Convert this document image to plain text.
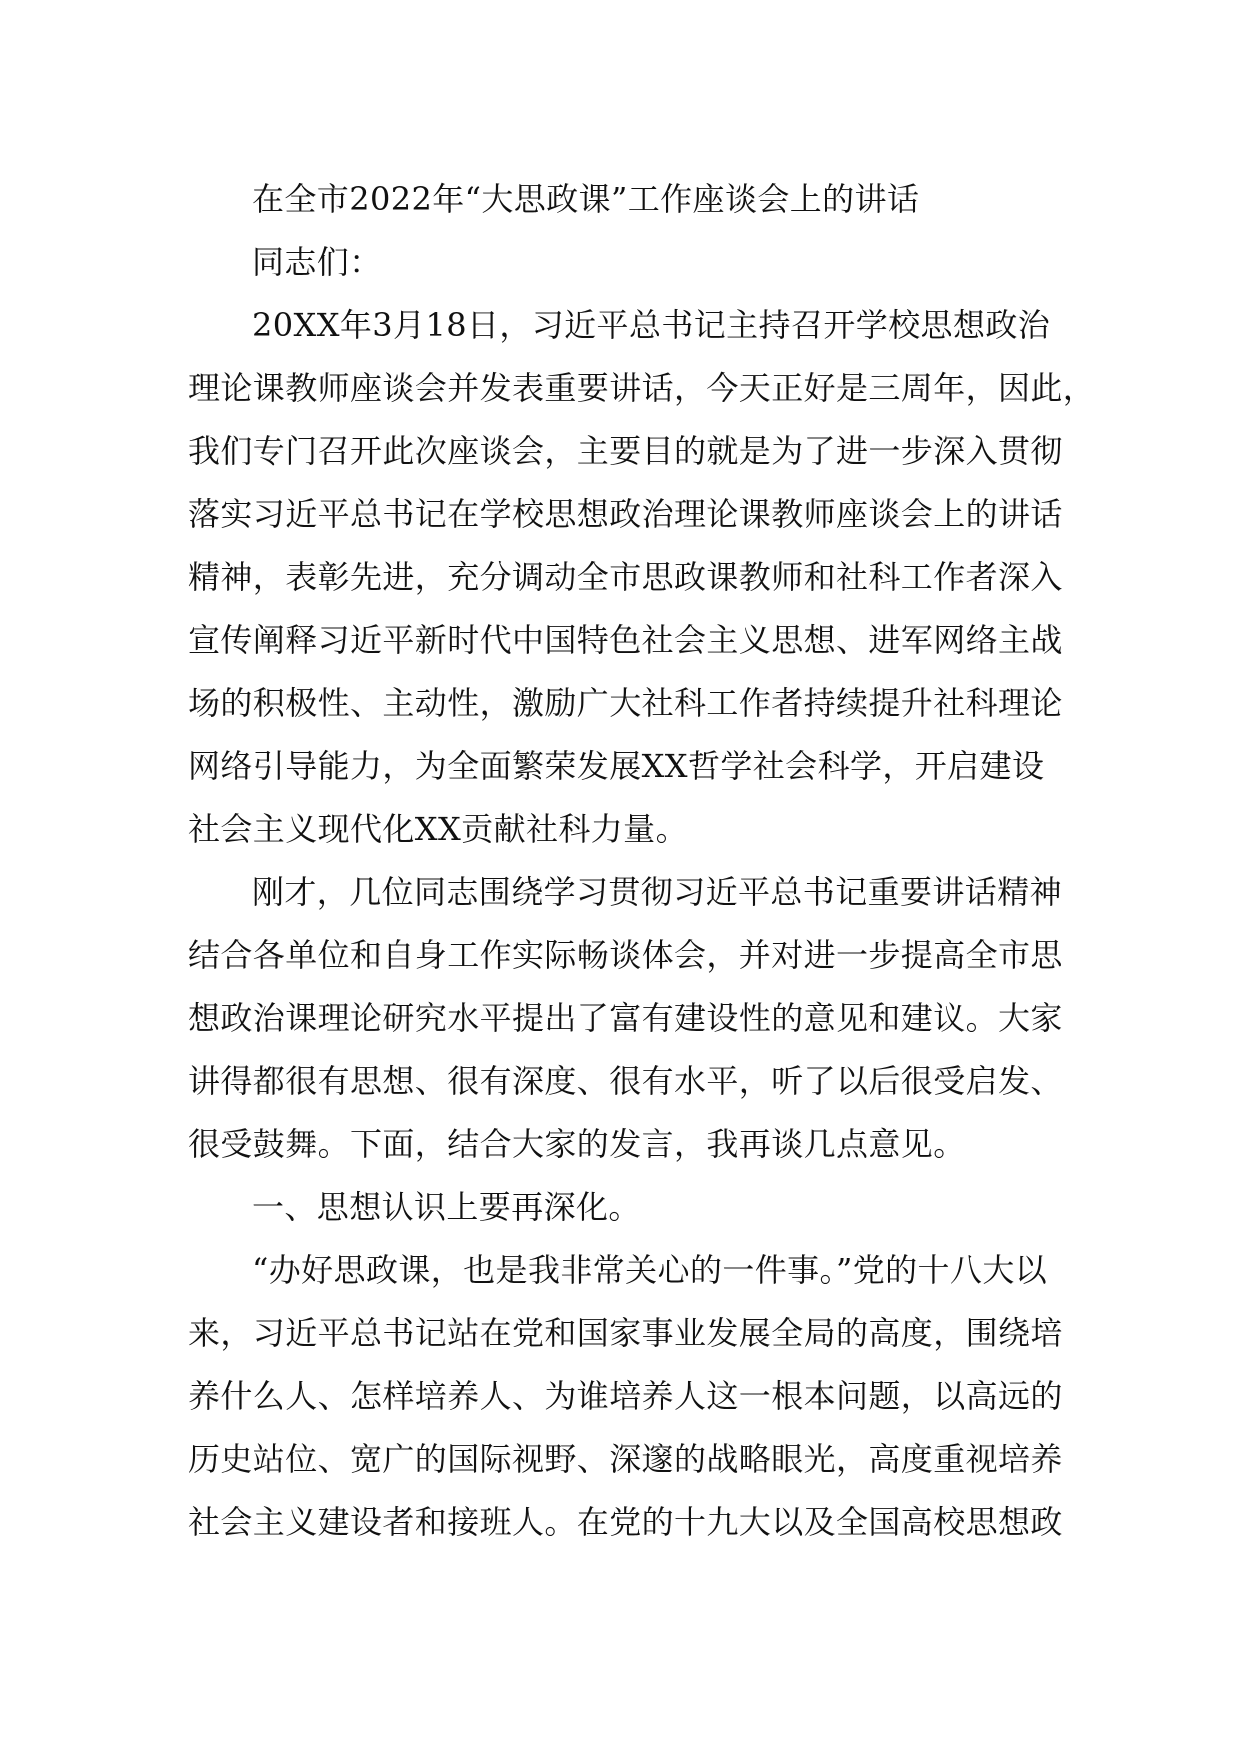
在全市2022年“大思政课”工作座谈会上的讲话
同志们：
20XX年3月18日，习近平总书记主持召开学校思想政治
理论课教师座谈会并发表重要讲话，今天正好是三周年，因此，
我们专门召开此次座谈会，主要目的就是为了进一步深入贯彻
落实习近平总书记在学校思想政治理论课教师座谈会上的讲话
精神，表彰先进，充分调动全市思政课教师和社科工作者深入
宣传阐释习近平新时代中国特色社会主义思想、进军网络主战
场的积极性、主动性，激励广大社科工作者持续提升社科理论
网络引导能力，为全面繁荣发展XX哲学社会科学，开启建设
社会主义现代化XX贡献社科力量。
刚才，几位同志围绕学习贯彻习近平总书记重要讲话精神
结合各单位和自身工作实际畅谈体会，并对进一步提高全市思
想政治课理论研究水平提出了富有建设性的意见和建议。大家
讲得都很有思想、很有深度、很有水平，听了以后很受启发、
很受鼓舞。下面，结合大家的发言，我再谈几点意见。
一、思想认识上要再深化。
“办好思政课，也是我非常关心的一件事。”党的十八大以
来，习近平总书记站在党和国家事业发展全局的高度，围绕培
养什么人、怎样培养人、为谁培养人这一根本问题，以高远的
历史站位、宽广的国际视野、深邃的战略眼光，高度重视培养
社会主义建设者和接班人。在党的十九大以及全国高校思想政
